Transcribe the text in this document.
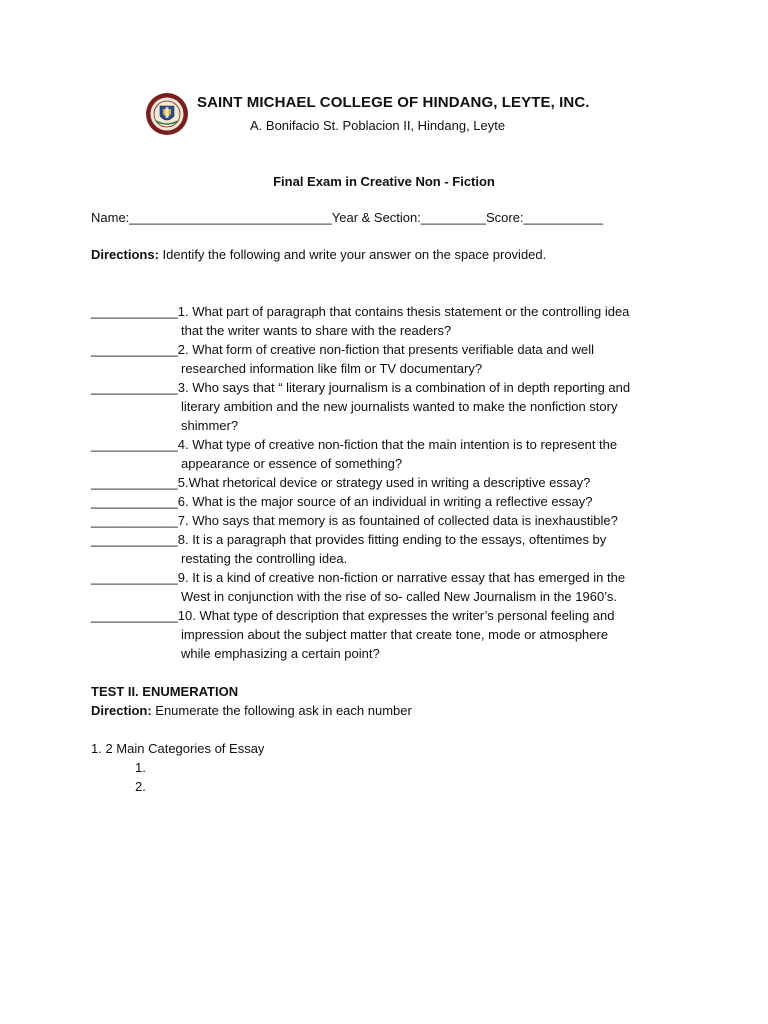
SAINT MICHAEL COLLEGE OF HINDANG, LEYTE, INC.
A. Bonifacio St. Poblacion II, Hindang, Leyte
Final Exam in Creative Non - Fiction
Name:____________________________Year & Section:_________Score:___________
Directions: Identify the following and write your answer on the space provided.
____________1. What part of paragraph that contains thesis statement or the controlling idea
that the writer wants to share with the readers?
____________2. What form of creative non-fiction that presents verifiable data and well
researched information like film or TV documentary?
____________3. Who says that “ literary journalism is a combination of in depth reporting and
literary ambition and the new journalists wanted to make the nonfiction story
shimmer?
____________4. What type of creative non-fiction that the main intention is to represent the
appearance or essence of something?
____________5.What rhetorical device or strategy used in writing a descriptive essay?
____________6. What is the major source of an individual in writing a reflective essay?
____________7. Who says that memory is as fountained of collected data is inexhaustible?
____________8. It is a paragraph that provides fitting ending to the essays, oftentimes by
restating the controlling idea.
____________9. It is a kind of creative non-fiction or narrative essay that has emerged in the
West in conjunction with the rise of so- called New Journalism in the 1960’s.
____________10. What type of description that expresses the writer’s personal feeling and
impression about the subject matter that create tone, mode or atmosphere
while emphasizing a certain point?
TEST II. ENUMERATION
Direction: Enumerate the following ask in each number
1. 2 Main Categories of Essay
1.
2.
